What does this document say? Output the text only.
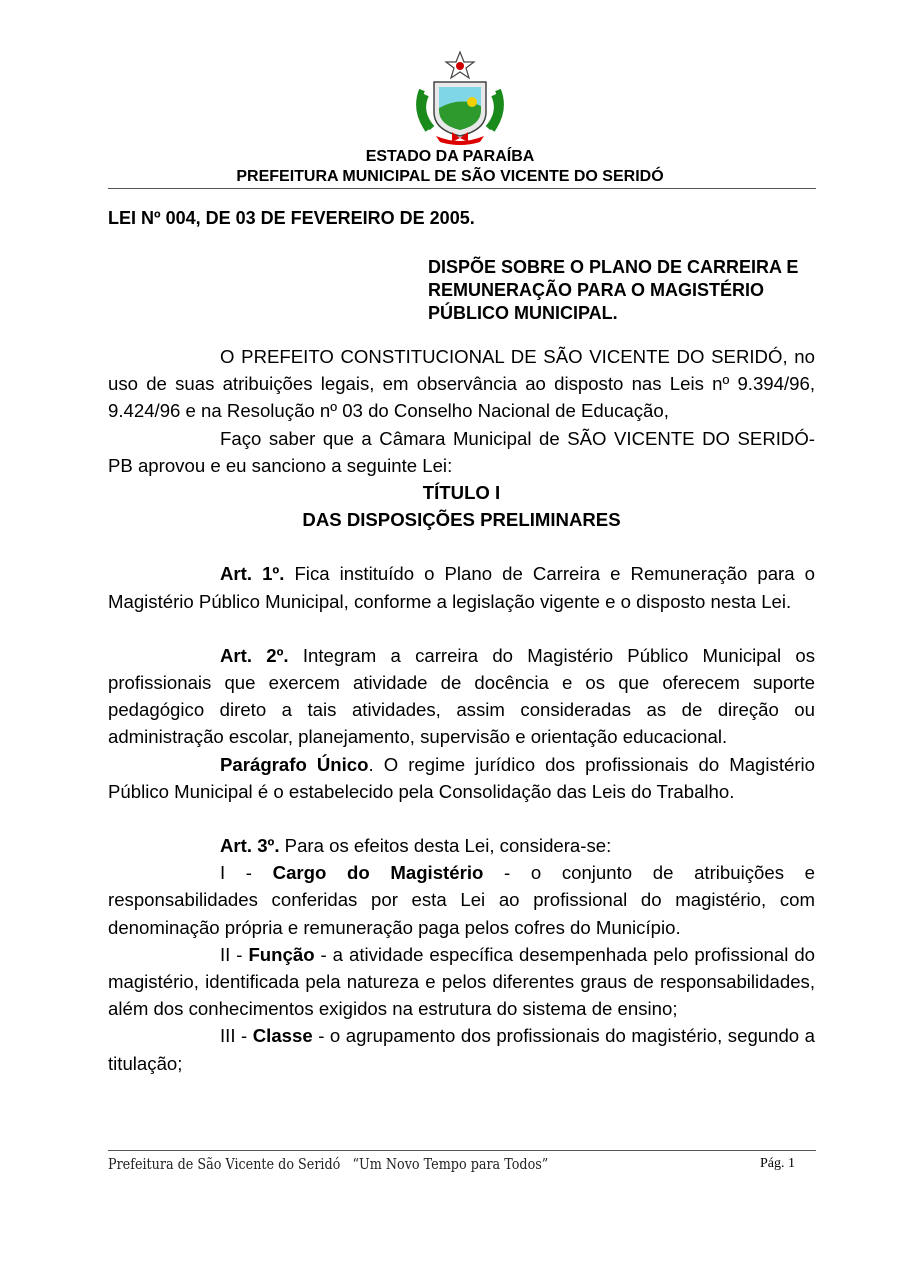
ESTADO DA PARAÍBA
PREFEITURA MUNICIPAL DE SÃO VICENTE DO SERIDÓ
LEI Nº 004, DE 03 DE FEVEREIRO DE 2005.
DISPÕE SOBRE O PLANO DE CARREIRA E REMUNERAÇÃO PARA O MAGISTÉRIO PÚBLICO MUNICIPAL.

O PREFEITO CONSTITUCIONAL DE SÃO VICENTE DO SERIDÓ, no uso de suas atribuições legais, em observância ao disposto nas Leis nº 9.394/96, 9.424/96 e na Resolução nº 03 do Conselho Nacional de Educação,

Faço saber que a Câmara Municipal de SÃO VICENTE DO SERIDÓ-PB aprovou e eu sanciono a seguinte Lei:

TÍTULO I

DAS DISPOSIÇÕES PRELIMINARES

Art. 1º. Fica instituído o Plano de Carreira e Remuneração para o Magistério Público Municipal, conforme a legislação vigente e o disposto nesta Lei.

Art. 2º. Integram a carreira do Magistério Público Municipal os profissionais que exercem atividade de docência e os que oferecem suporte pedagógico direto a tais atividades, assim consideradas as de direção ou administração escolar, planejamento, supervisão e orientação educacional.

Parágrafo Único. O regime jurídico dos profissionais do Magistério Público Municipal é o estabelecido pela Consolidação das Leis do Trabalho.

Art. 3º. Para os efeitos desta Lei, considera-se:

I - Cargo do Magistério - o conjunto de atribuições e responsabilidades conferidas por esta Lei ao profissional do magistério, com denominação própria e remuneração paga pelos cofres do Município.

II - Função - a atividade específica desempenhada pelo profissional do magistério, identificada pela natureza e pelos diferentes graus de responsabilidades, além dos conhecimentos exigidos na estrutura do sistema de ensino;

III - Classe - o agrupamento dos profissionais do magistério, segundo a titulação;

Prefeitura de São Vicente do Seridó   “Um Novo Tempo para Todos”	Pág. 1
